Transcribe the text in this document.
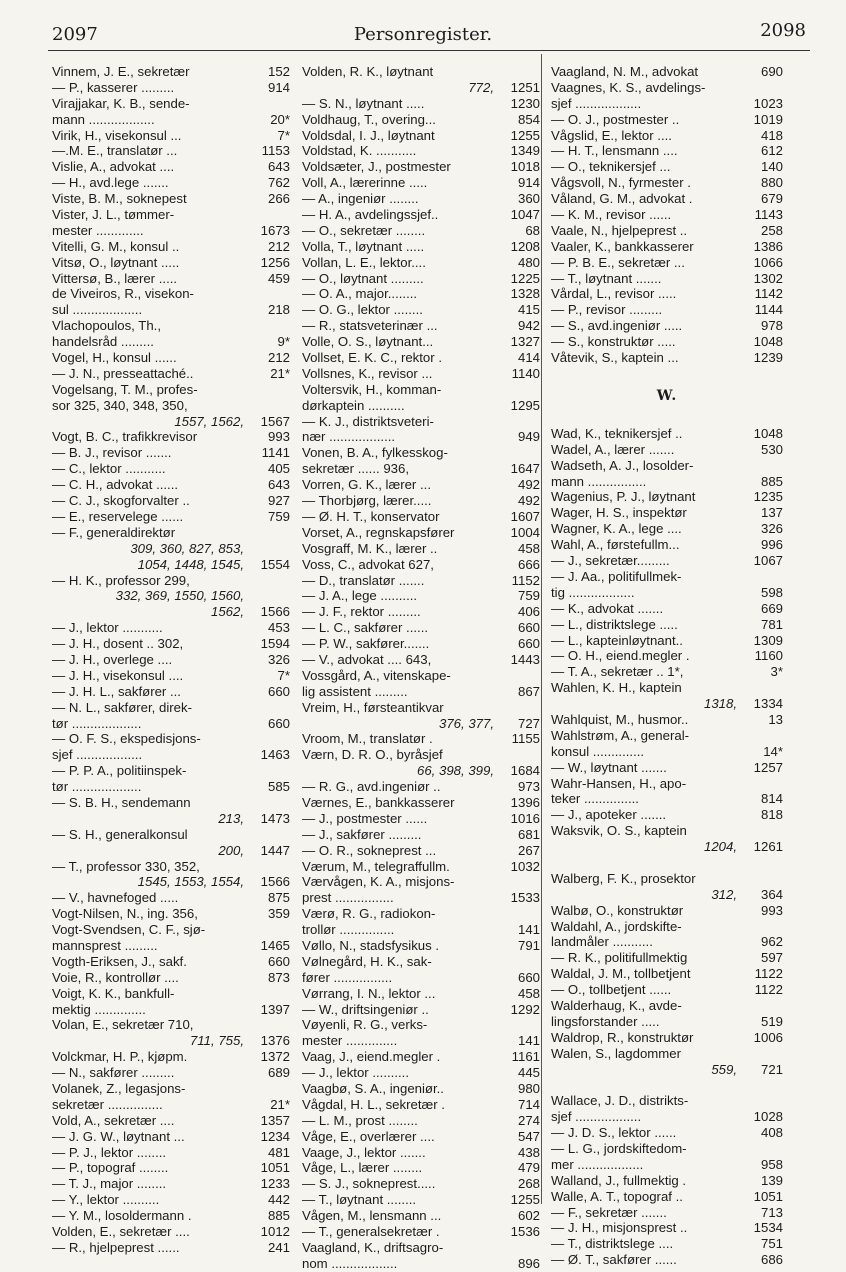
2097	Personregister.	2098
Vinnem, J. E., sekretær	152
— P., kasserer .........	914
Virajjakar, K. B., sende-
mann ..................	20*
Virik, H., visekonsul ...	7*
—.M. E., translatør ...	1153
Vislie, A., advokat ....	643
— H., avd.lege .......	762
Viste, B. M., soknepest	266
Vister, J. L., tømmer-
mester .............	1673
Vitelli, G. M., konsul ..	212
Vitsø, O., løytnant .....	1256
Vittersø, B., lærer .....	459
de Viveiros, R., visekon-
sul ...................	218
Vlachopoulos, Th.,
handelsråd .........	9*
Vogel, H., konsul ......	212
— J. N., presseattaché..	21*
Vogelsang, T. M., profes-
sor 325, 340, 348, 350,
1557, 1562, 1567
Vogt, B. C., trafikkrevisor	993
— B. J., revisor .......	1141
— C., lektor ...........	405
— C. H., advokat ......	643
— C. J., skogforvalter ..	927
— E., reservelege ......	759
— F., generaldirektør
309, 360, 827, 853,
1054, 1448, 1545, 1554
— H. K., professor 299,
332, 369, 1550, 1560,
1562, 1566
— J., lektor ...........	453
— J. H., dosent .. 302,	1594
— J. H., overlege ....	326
— J. H., visekonsul ....	7*
— J. H. L., sakfører ...	660
— N. L., sakfører, direk-
tør ...................	660
— O. F. S., ekspedisjons-
sjef ..................	1463
— P. P. A., politiinspek-
tør ...................	585
— S. B. H., sendemann
213, 1473
— S. H., generalkonsul
200, 1447
— T., professor 330, 352,
1545, 1553, 1554, 1566
— V., havnefoged .....	875
Vogt-Nilsen, N., ing. 356,	359
Vogt-Svendsen, C. F., sjø-
mannsprest .........	1465
Vogth-Eriksen, J., sakf.	660
Voie, R., kontrollør ....	873
Voigt, K. K., bankfull-
mektig ..............	1397
Volan, E., sekretær 710,
711, 755, 1376
Volckmar, H. P., kjøpm.	1372
— N., sakfører .........	689
Volanek, Z., legasjons-
sekretær ...............	21*
Vold, A., sekretær ....	1357
— J. G. W., løytnant ...	1234
— P. J., lektor ........	481
— P., topograf ........	1051
— T. J., major ........	1233
— Y., lektor ..........	442
— Y. M., losoldermann .	885
Volden, E., sekretær ....	1012
— R., hjelpeprest ......	241
Volden, R. K., løytnant
772, 1251
— S. N., løytnant .....	1230
Voldhaug, T., overing...	854
Voldsdal, I. J., løytnant	1255
Voldstad, K. ...........	1349
Voldsæter, J., postmester	1018
Voll, A., lærerinne .....	914
— A., ingeniør ........	360
— H. A., avdelingssjef..	1047
— O., sekretær ........	68
Volla, T., løytnant .....	1208
Vollan, L. E., lektor....	480
— O., løytnant .........	1225
— O. A., major........	1328
— O. G., lektor ........	415
— R., statsveterinær ...	942
Volle, O. S., løytnant...	1327
Vollset, E. K. C., rektor .	414
Vollsnes, K., revisor ...	1140
Voltersvik, H., komman-
dørkaptein ..........	1295
— K. J., distriktsveteri-
nær ..................	949
Vonen, B. A., fylkesskog-
sekretær ...... 936,	1647
Vorren, G. K., lærer ...	492
— Thorbjørg, lærer.....	492
— Ø. H. T., konservator	1607
Vorset, A., regnskapsfører	1004
Vosgraff, M. K., lærer ..	458
Voss, C., advokat 627,	666
— D., translatør .......	1152
— J. A., lege ..........	759
— J. F., rektor .........	406
— L. C., sakfører ......	660
— P. W., sakfører.......	660
— V., advokat .... 643,	1443
Vossgård, A., vitenskape-
lig assistent .........	867
Vreim, H., førsteantikvar
376, 377, 727
Vroom, M., translatør .	1155
Værn, D. R. O., byråsjef
66, 398, 399, 1684
— R. G., avd.ingeniør ..	973
Værnes, E., bankkasserer	1396
— J., postmester ......	1016
— J., sakfører .........	681
— O. R., sokneprest ...	267
Værum, M., telegraffullm.	1032
Værvågen, K. A., misjons-
prest ................	1533
Værø, R. G., radiokon-
trollør ...............	141
Vøllo, N., stadsfysikus .	791
Vølnegård, H. K., sak-
fører ................	660
Vørrang, I. N., lektor ...	458
— W., driftsingeniør ..	1292
Vøyenli, R. G., verks-
mester ..............	141
Vaag, J., eiend.megler .	1161
— J., lektor ..........	445
Vaagbø, S. A., ingeniør..	980
Vågdal, H. L., sekretær .	714
— L. M., prost ........	274
Våge, E., overlærer ....	547
Vaage, J., lektor .......	438
Våge, L., lærer ........	479
— S. J., sokneprest.....	268
— T., løytnant ........	1255
Vågen, M., lensmann ...	602
— T., generalsekretær .	1536
Vaagland, K., driftsagro-
nom ..................	896
Vaagland, N. M., advokat	690
Vaagnes, K. S., avdelings-
sjef ..................	1023
— O. J., postmester ..	1019
Vågslid, E., lektor ....	418
— H. T., lensmann ....	612
— O., teknikersjef ...	140
Vågsvoll, N., fyrmester .	880
Våland, G. M., advokat .	679
— K. M., revisor ......	1143
Vaale, N., hjelpeprest ..	258
Vaaler, K., bankkasserer	1386
— P. B. E., sekretær ...	1066
— T., løytnant .......	1302
Vårdal, L., revisor .....	1142
— P., revisor .........	1144
— S., avd.ingeniør .....	978
— S., konstruktør .....	1048
Våtevik, S., kaptein ...	1239
W.
Wad, K., teknikersjef ..	1048
Wadel, A., lærer .......	530
Wadseth, A. J., losolder-
mann ................	885
Wagenius, P. J., løytnant	1235
Wager, H. S., inspektør	137
Wagner, K. A., lege ....	326
Wahl, A., førstefullm...	996
— J., sekretær.........	1067
— J. Aa., politifullmek-
tig ..................	598
— K., advokat .......	669
— L., distriktslege .....	781
— L., kapteinløytnant..	1309
— O. H., eiend.megler .	1160
— T. A., sekretær .. 1*,	3*
Wahlen, K. H., kaptein
1318, 1334
Wahlquist, M., husmor..	13
Wahlstrøm, A., general-
konsul ..............	14*
— W., løytnant .......	1257
Wahr-Hansen, H., apo-
teker ...............	814
— J., apoteker .......	818
Waksvik, O. S., kaptein
1204, 1261
Walberg, F. K., prosektor
312, 364
Walbø, O., konstruktør	993
Waldahl, A., jordskifte-
landmåler ...........	962
— R. K., politifullmektig	597
Waldal, J. M., tollbetjent	1122
— O., tollbetjent ......	1122
Walderhaug, K., avde-
lingsforstander .....	519
Waldrop, R., konstruktør	1006
Walen, S., lagdommer
559, 721
Wallace, J. D., distrikts-
sjef ..................	1028
— J. D. S., lektor ......	408
— L. G., jordskiftedom-
mer ..................	958
Walland, J., fullmektig .	139
Walle, A. T., topograf ..	1051
— F., sekretær .......	713
— J. H., misjonsprest ..	1534
— T., distriktslege ....	751
— Ø. T., sakfører ......	686
